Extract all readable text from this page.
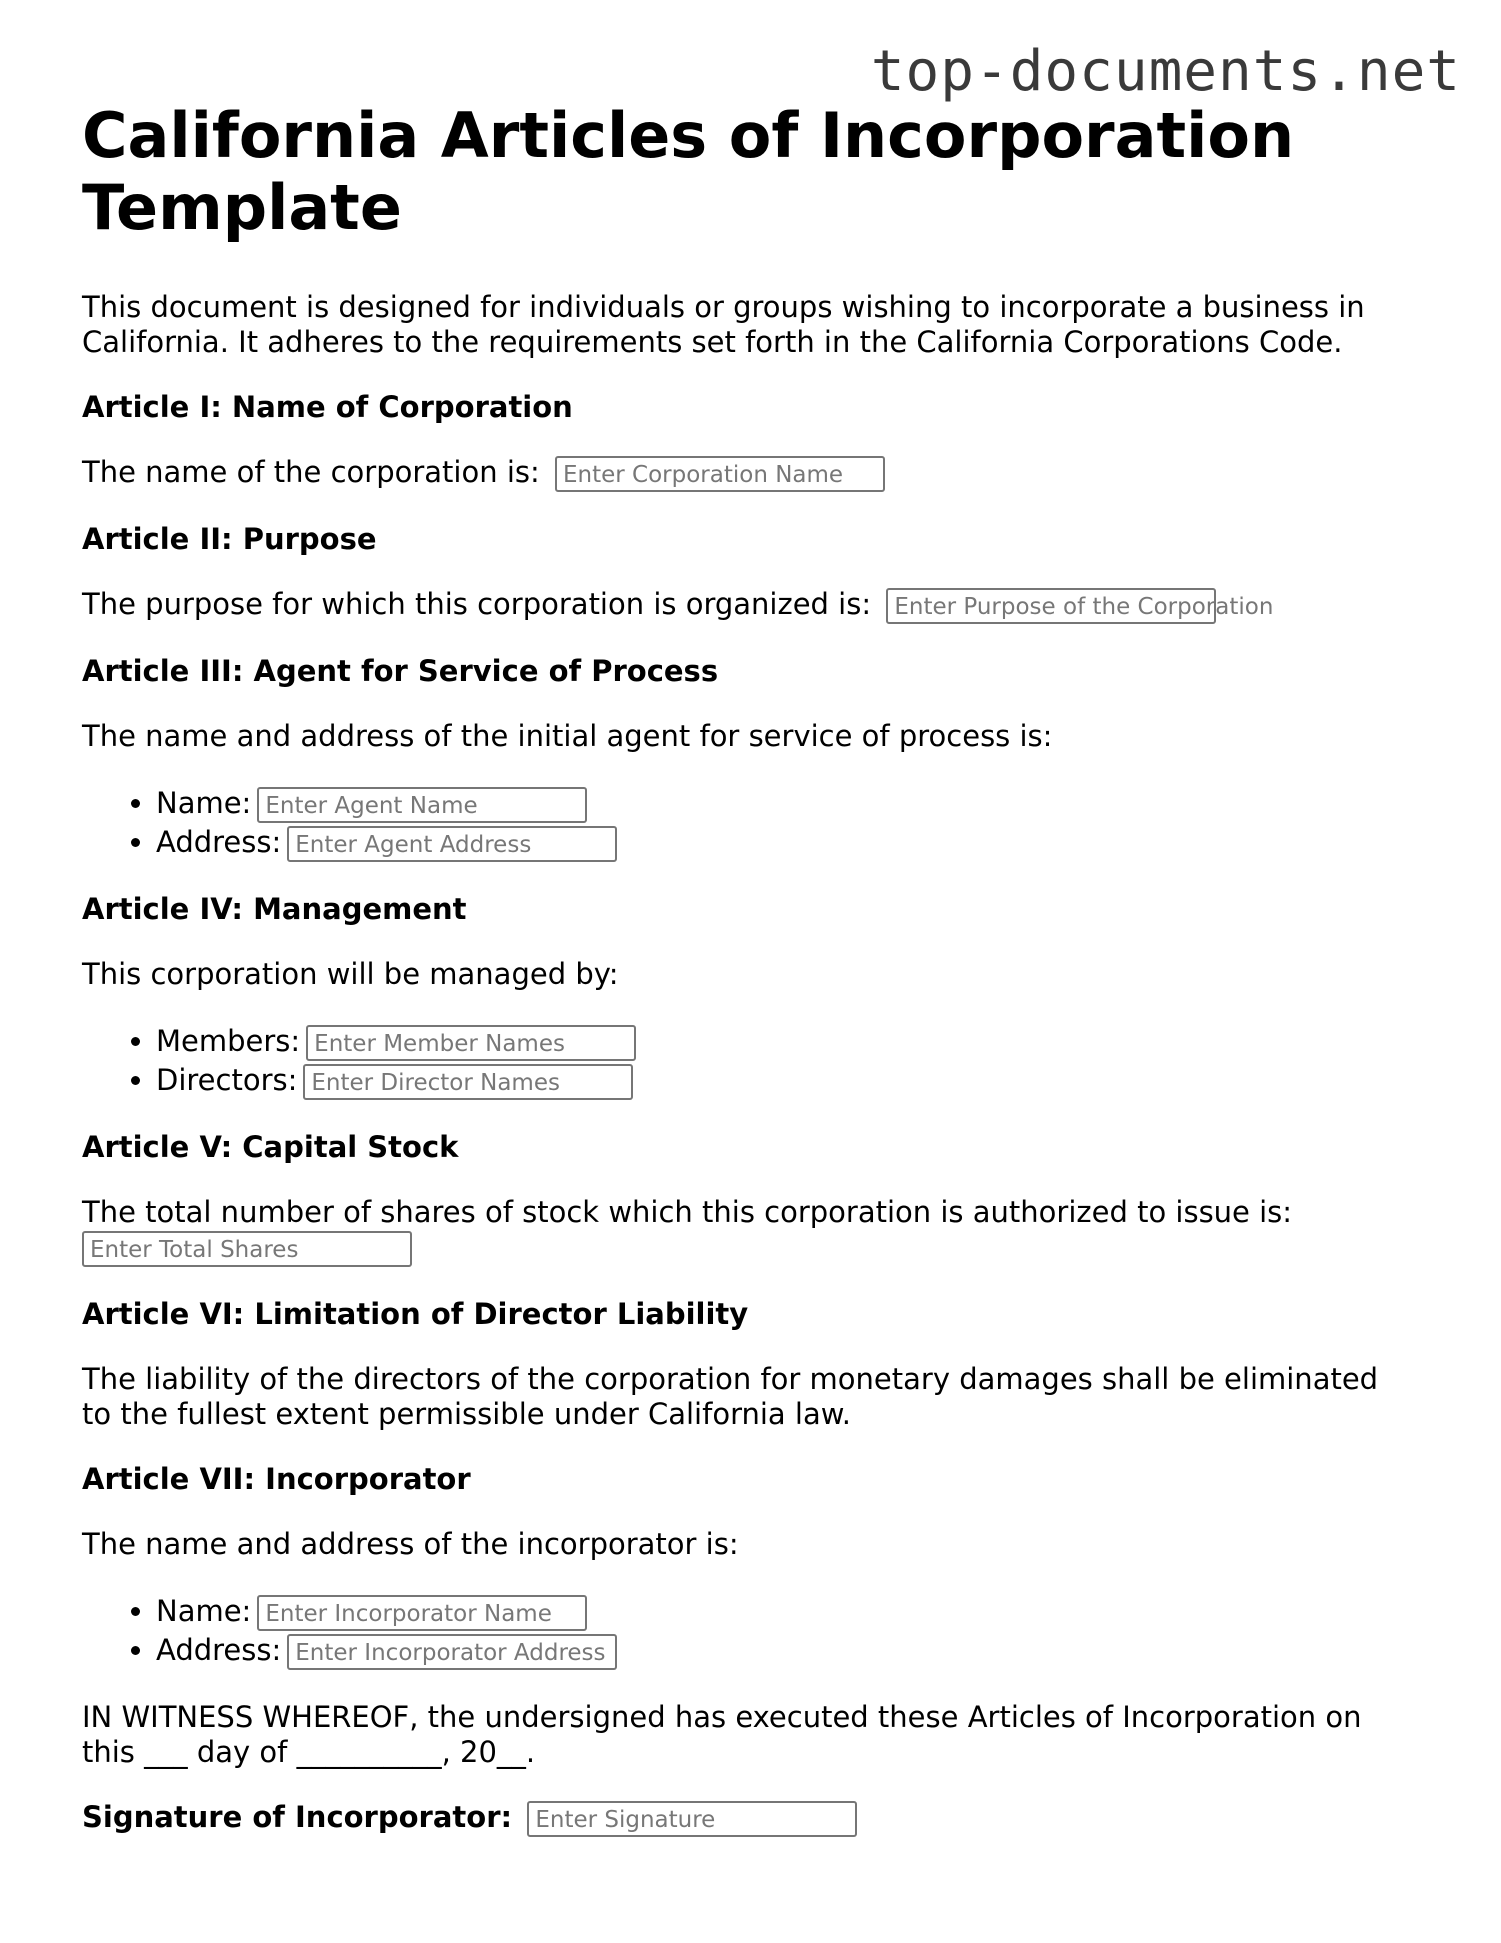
top-documents.net
California Articles of Incorporation Template

This document is designed for individuals or groups wishing to incorporate a business in California. It adheres to the requirements set forth in the California Corporations Code.

Article I: Name of Corporation

The name of the corporation is: Enter Corporation Name

Article II: Purpose

The purpose for which this corporation is organized is: Enter Purpose of the Corporation

Article III: Agent for Service of Process

The name and address of the initial agent for service of process is:

• Name: Enter Agent Name
• Address: Enter Agent Address
Article IV: Management

This corporation will be managed by:

• Members: Enter Member Names
• Directors: Enter Director Names
Article V: Capital Stock

The total number of shares of stock which this corporation is authorized to issue is:
Enter Total Shares

Article VI: Limitation of Director Liability

The liability of the directors of the corporation for monetary damages shall be eliminated to the fullest extent permissible under California law.

Article VII: Incorporator

The name and address of the incorporator is:

• Name: Enter Incorporator Name
• Address: Enter Incorporator Address

IN WITNESS WHEREOF, the undersigned has executed these Articles of Incorporation on this ___ day of __________, 20__.

Signature of Incorporator: Enter Signature
